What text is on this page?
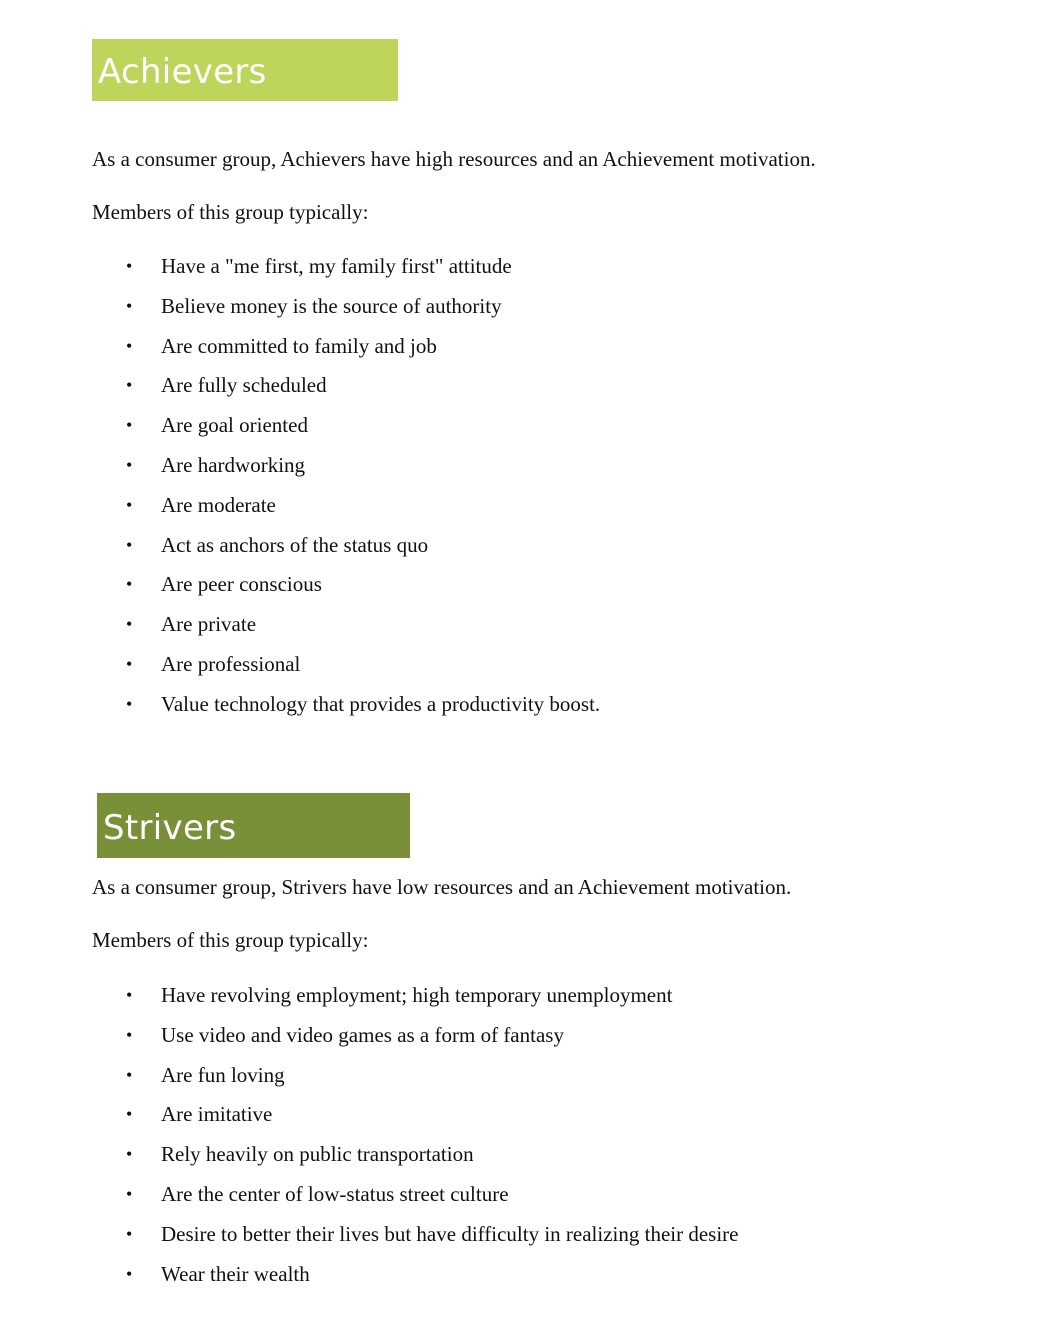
Achievers

As a consumer group, Achievers have high resources and an Achievement motivation.

Members of this group typically:

• Have a "me first, my family first" attitude
• Believe money is the source of authority
• Are committed to family and job
• Are fully scheduled
• Are goal oriented
• Are hardworking
• Are moderate
• Act as anchors of the status quo
• Are peer conscious
• Are private
• Are professional
• Value technology that provides a productivity boost.
Strivers

As a consumer group, Strivers have low resources and an Achievement motivation.

Members of this group typically:

• Have revolving employment; high temporary unemployment
• Use video and video games as a form of fantasy
• Are fun loving
• Are imitative
• Rely heavily on public transportation
• Are the center of low-status street culture
• Desire to better their lives but have difficulty in realizing their desire
• Wear their wealth
